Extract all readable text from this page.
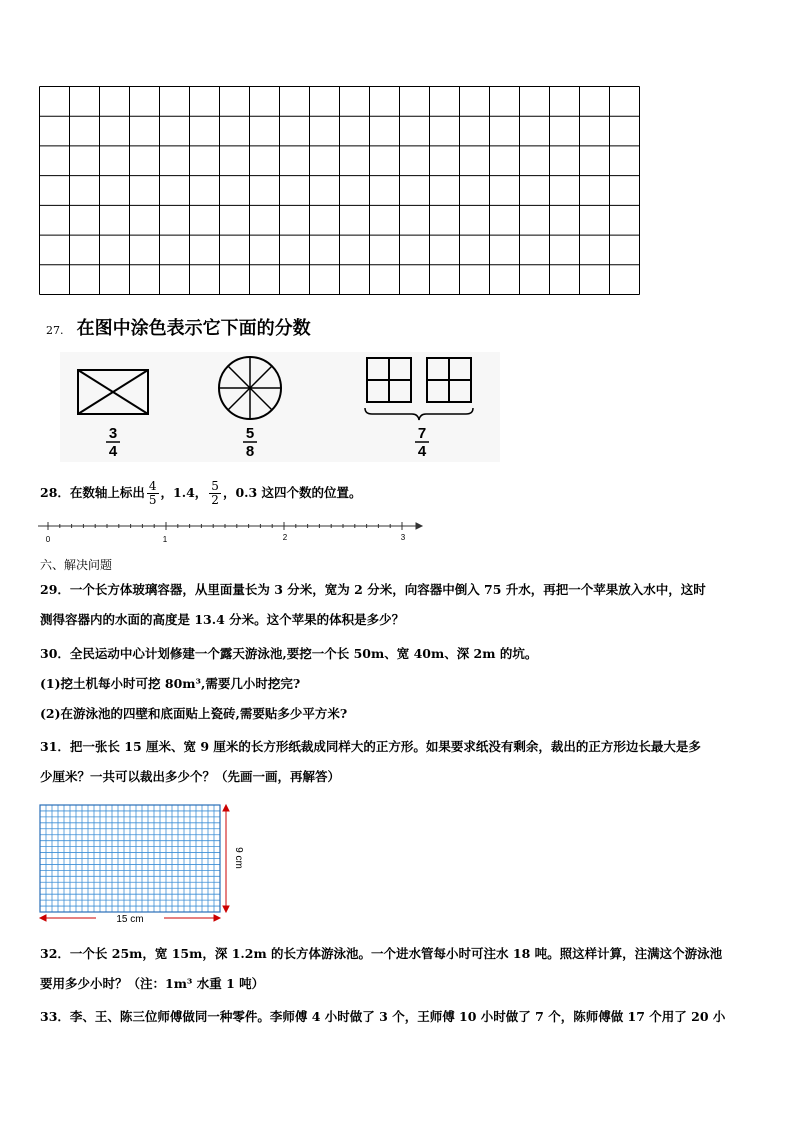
27. 在图中涂色表示它下面的分数
3
4
5
8
7
4
28．在数轴上标出 $\frac{4}{5}$ ，1.4， $\frac{5}{2}$ ，0.3 这四个数的位置。
0	1	2	3
六、解决问题
29．一个长方体玻璃容器，从里面量长为 3 分米，宽为 2 分米，向容器中倒入 75 升水，再把一个苹果放入水中，这时
测得容器内的水面的高度是 13.4 分米。这个苹果的体积是多少？
30．全民运动中心计划修建一个露天游泳池,要挖一个长 50m、宽 40m、深 2m 的坑。
(1)挖土机每小时可挖 80m³,需要几小时挖完?
(2)在游泳池的四壁和底面贴上瓷砖,需要贴多少平方米?
31．把一张长 15 厘米、宽 9 厘米的长方形纸裁成同样大的正方形。如果要求纸没有剩余，裁出的正方形边长最大是多
少厘米？一共可以裁出多少个？（先画一画，再解答）
9 cm
15 cm
32．一个长 25m，宽 15m，深 1.2m 的长方体游泳池。一个进水管每小时可注水 18 吨。照这样计算，注满这个游泳池
要用多少小时？（注：1m³ 水重 1 吨）
33．李、王、陈三位师傅做同一种零件。李师傅 4 小时做了 3 个，王师傅 10 小时做了 7 个，陈师傅做 17 个用了 20 小
